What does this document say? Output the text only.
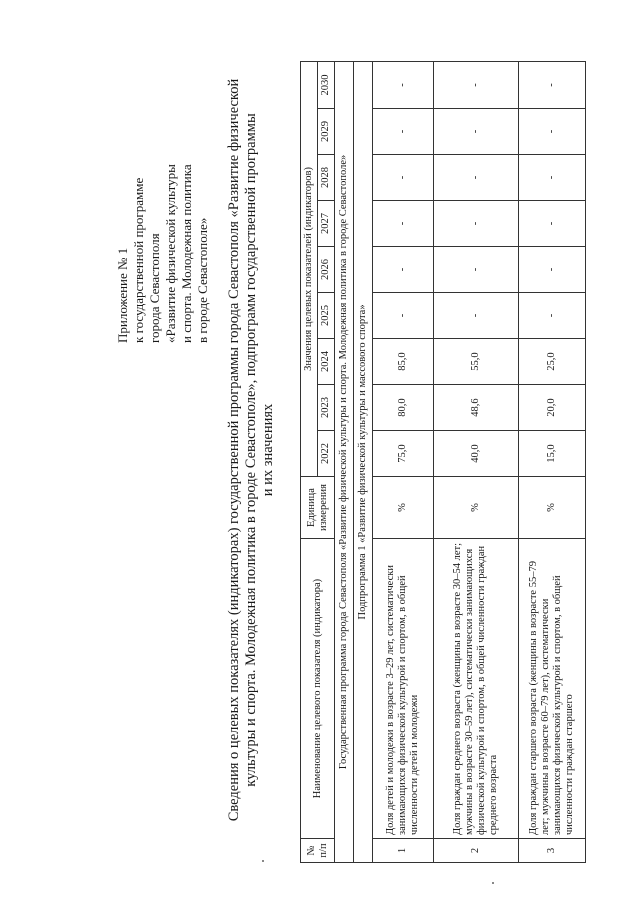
Приложение № 1 к государственной программе города Севастополя «Развитие физической культуры и спорта. Молодежная политика в городе Севастополе» Сведения о целевых показателях (индикаторах) государственной программы города Севастополя «Развитие физической культуры и спорта. Молодежная политика в городе Севастополе», подпрограмм государственной программы и их значениях
№ п/п	Наименование целевого показателя (индикатора)	Единица измерения	Значения целевых показателей (индикаторов)								
			2022	2023	2024	2025	2026	2027	2028	2029	2030
Государственная программа города Севастополя «Развитие физической культуры и спорта. Молодежная политика в городе Севастополе»											
Подпрограмма 1 «Развитие физической культуры и массового спорта»											
1	Доля детей и молодежи в возрасте 3–29 лет, систематически занимающихся физической культурой и спортом, в общей численности детей и молодежи	%	75,0	80,0	85,0	-	-	-	-	-	-
2	Доля граждан среднего возраста (женщины в возрасте 30–54 лет; мужчины в возрасте 30–59 лет), систематически занимающихся физической культурой и спортом, в общей численности граждан среднего возраста	%	40,0	48,6	55,0	-	-	-	-	-	-
3	Доля граждан старшего возраста (женщины в возрасте 55–79 лет; мужчины в возрасте 60–79 лет), систематически занимающихся физической культурой и спортом, в общей численности граждан старшего	%	15,0	20,0	25,0	-	-	-	-	-	-
